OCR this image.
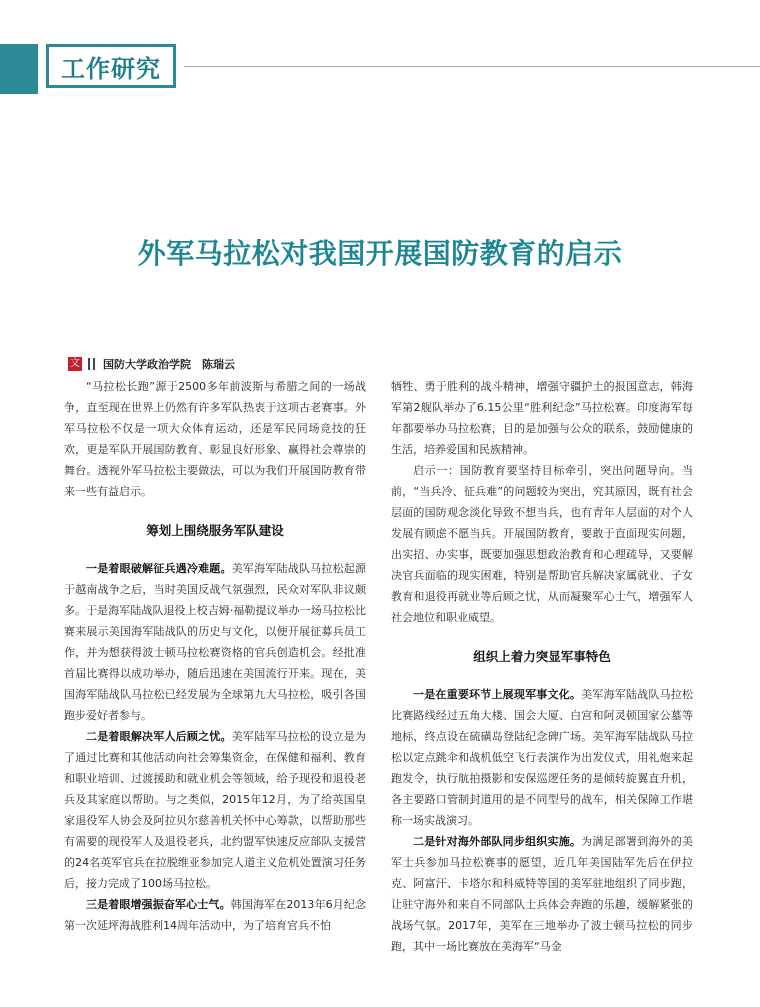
工作研究
外军马拉松对我国开展国防教育的启示
文 国防大学政治学院　陈瑞云

“马拉松长跑”源于2500多年前波斯与希腊之间的一场战争，直至现在世界上仍然有许多军队热衷于这项古老赛事。外军马拉松不仅是一项大众体育运动，还是军民同场竞技的狂欢，更是军队开展国防教育、彰显良好形象、赢得社会尊崇的舞台。透视外军马拉松主要做法，可以为我们开展国防教育带来一些有益启示。

筹划上围绕服务军队建设

一是着眼破解征兵遇冷难题。美军海军陆战队马拉松起源于越南战争之后，当时美国反战气氛强烈，民众对军队非议颇多。于是海军陆战队退役上校吉姆·福勒提议举办一场马拉松比赛来展示美国海军陆战队的历史与文化，以便开展征募兵员工作，并为想获得波士顿马拉松赛资格的官兵创造机会。经批准首届比赛得以成功举办，随后迅速在美国流行开来。现在，美国海军陆战队马拉松已经发展为全球第九大马拉松，吸引各国跑步爱好者参与。

二是着眼解决军人后顾之忧。美军陆军马拉松的设立是为了通过比赛和其他活动向社会筹集资金，在保健和福利、教育和职业培训、过渡援助和就业机会等领域，给予现役和退役老兵及其家庭以帮助。与之类似，2015年12月，为了给英国皇家退役军人协会及阿拉贝尔慈善机关怀中心筹款，以帮助那些有需要的现役军人及退役老兵，北约盟军快速反应部队支援营的24名英军官兵在拉脱维亚参加完人道主义危机处置演习任务后，接力完成了100场马拉松。

三是着眼增强振奋军心士气。韩国海军在2013年6月纪念第一次延坪海战胜利14周年活动中，为了培育官兵不怕

牺牲、勇于胜利的战斗精神，增强守疆护土的报国意志，韩海军第2舰队举办了6.15公里“胜利纪念”马拉松赛。印度海军每年都要举办马拉松赛，目的是加强与公众的联系，鼓励健康的生活，培养爱国和民族精神。

启示一：国防教育要坚持目标牵引，突出问题导向。当前，“当兵冷、征兵难”的问题较为突出，究其原因，既有社会层面的国防观念淡化导致不想当兵，也有青年人层面的对个人发展有顾虑不愿当兵。开展国防教育，要敢于直面现实问题，出实招、办实事，既要加强思想政治教育和心理疏导，又要解决官兵面临的现实困难，特别是帮助官兵解决家属就业、子女教育和退役再就业等后顾之忧，从而凝聚军心士气，增强军人社会地位和职业威望。

组织上着力突显军事特色

一是在重要环节上展现军事文化。美军海军陆战队马拉松比赛路线经过五角大楼、国会大厦、白宫和阿灵顿国家公墓等地标，终点设在硫磺岛登陆纪念碑广场。美军海军陆战队马拉松以定点跳伞和战机低空飞行表演作为出发仪式，用礼炮来起跑发令，执行航拍摄影和安保巡逻任务的是倾转旋翼直升机，各主要路口管制封道用的是不同型号的战车，相关保障工作堪称一场实战演习。

二是针对海外部队同步组织实施。为满足部署到海外的美军士兵参加马拉松赛事的愿望，近几年美国陆军先后在伊拉克、阿富汗、卡塔尔和科威特等国的美军驻地组织了同步跑，让驻守海外和来自不同部队士兵体会奔跑的乐趣，缓解紧张的战场气氛。2017年，美军在三地举办了波士顿马拉松的同步跑，其中一场比赛放在美海军“马金
